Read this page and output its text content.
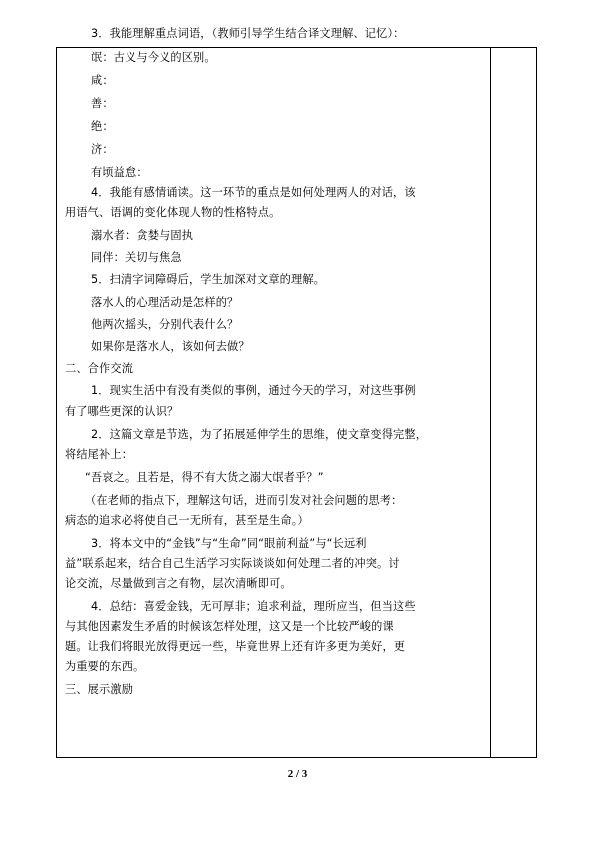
3．我能理解重点词语，（教师引导学生结合译文理解、记忆）：
氓：古义与今义的区别。
咸：
善：
绝：
济：
有顷益怠：
4．我能有感情诵读。这一环节的重点是如何处理两人的对话，该
用语气、语调的变化体现人物的性格特点。
溺水者：贪婪与固执
同伴：关切与焦急
5．扫清字词障碍后，学生加深对文章的理解。
落水人的心理活动是怎样的？
他两次摇头，分别代表什么？
如果你是落水人，该如何去做？
二、合作交流
1．现实生活中有没有类似的事例，通过今天的学习，对这些事例
有了哪些更深的认识？
2．这篇文章是节选，为了拓展延伸学生的思维，使文章变得完整，
将结尾补上：
“吾哀之。且若是，得不有大货之溺大氓者乎？”
（在老师的指点下，理解这句话，进而引发对社会问题的思考：
病态的追求必将使自己一无所有，甚至是生命。）
3．将本文中的“金钱”与“生命”同“眼前利益”与“长远利
益”联系起来，结合自己生活学习实际谈谈如何处理二者的冲突。讨
论交流，尽量做到言之有物，层次清晰即可。
4．总结：喜爱金钱，无可厚非；追求利益，理所应当，但当这些
与其他因素发生矛盾的时候该怎样处理，这又是一个比较严峻的课
题。让我们将眼光放得更远一些，毕竟世界上还有许多更为美好，更
为重要的东西。
三、展示激励
2 / 3
